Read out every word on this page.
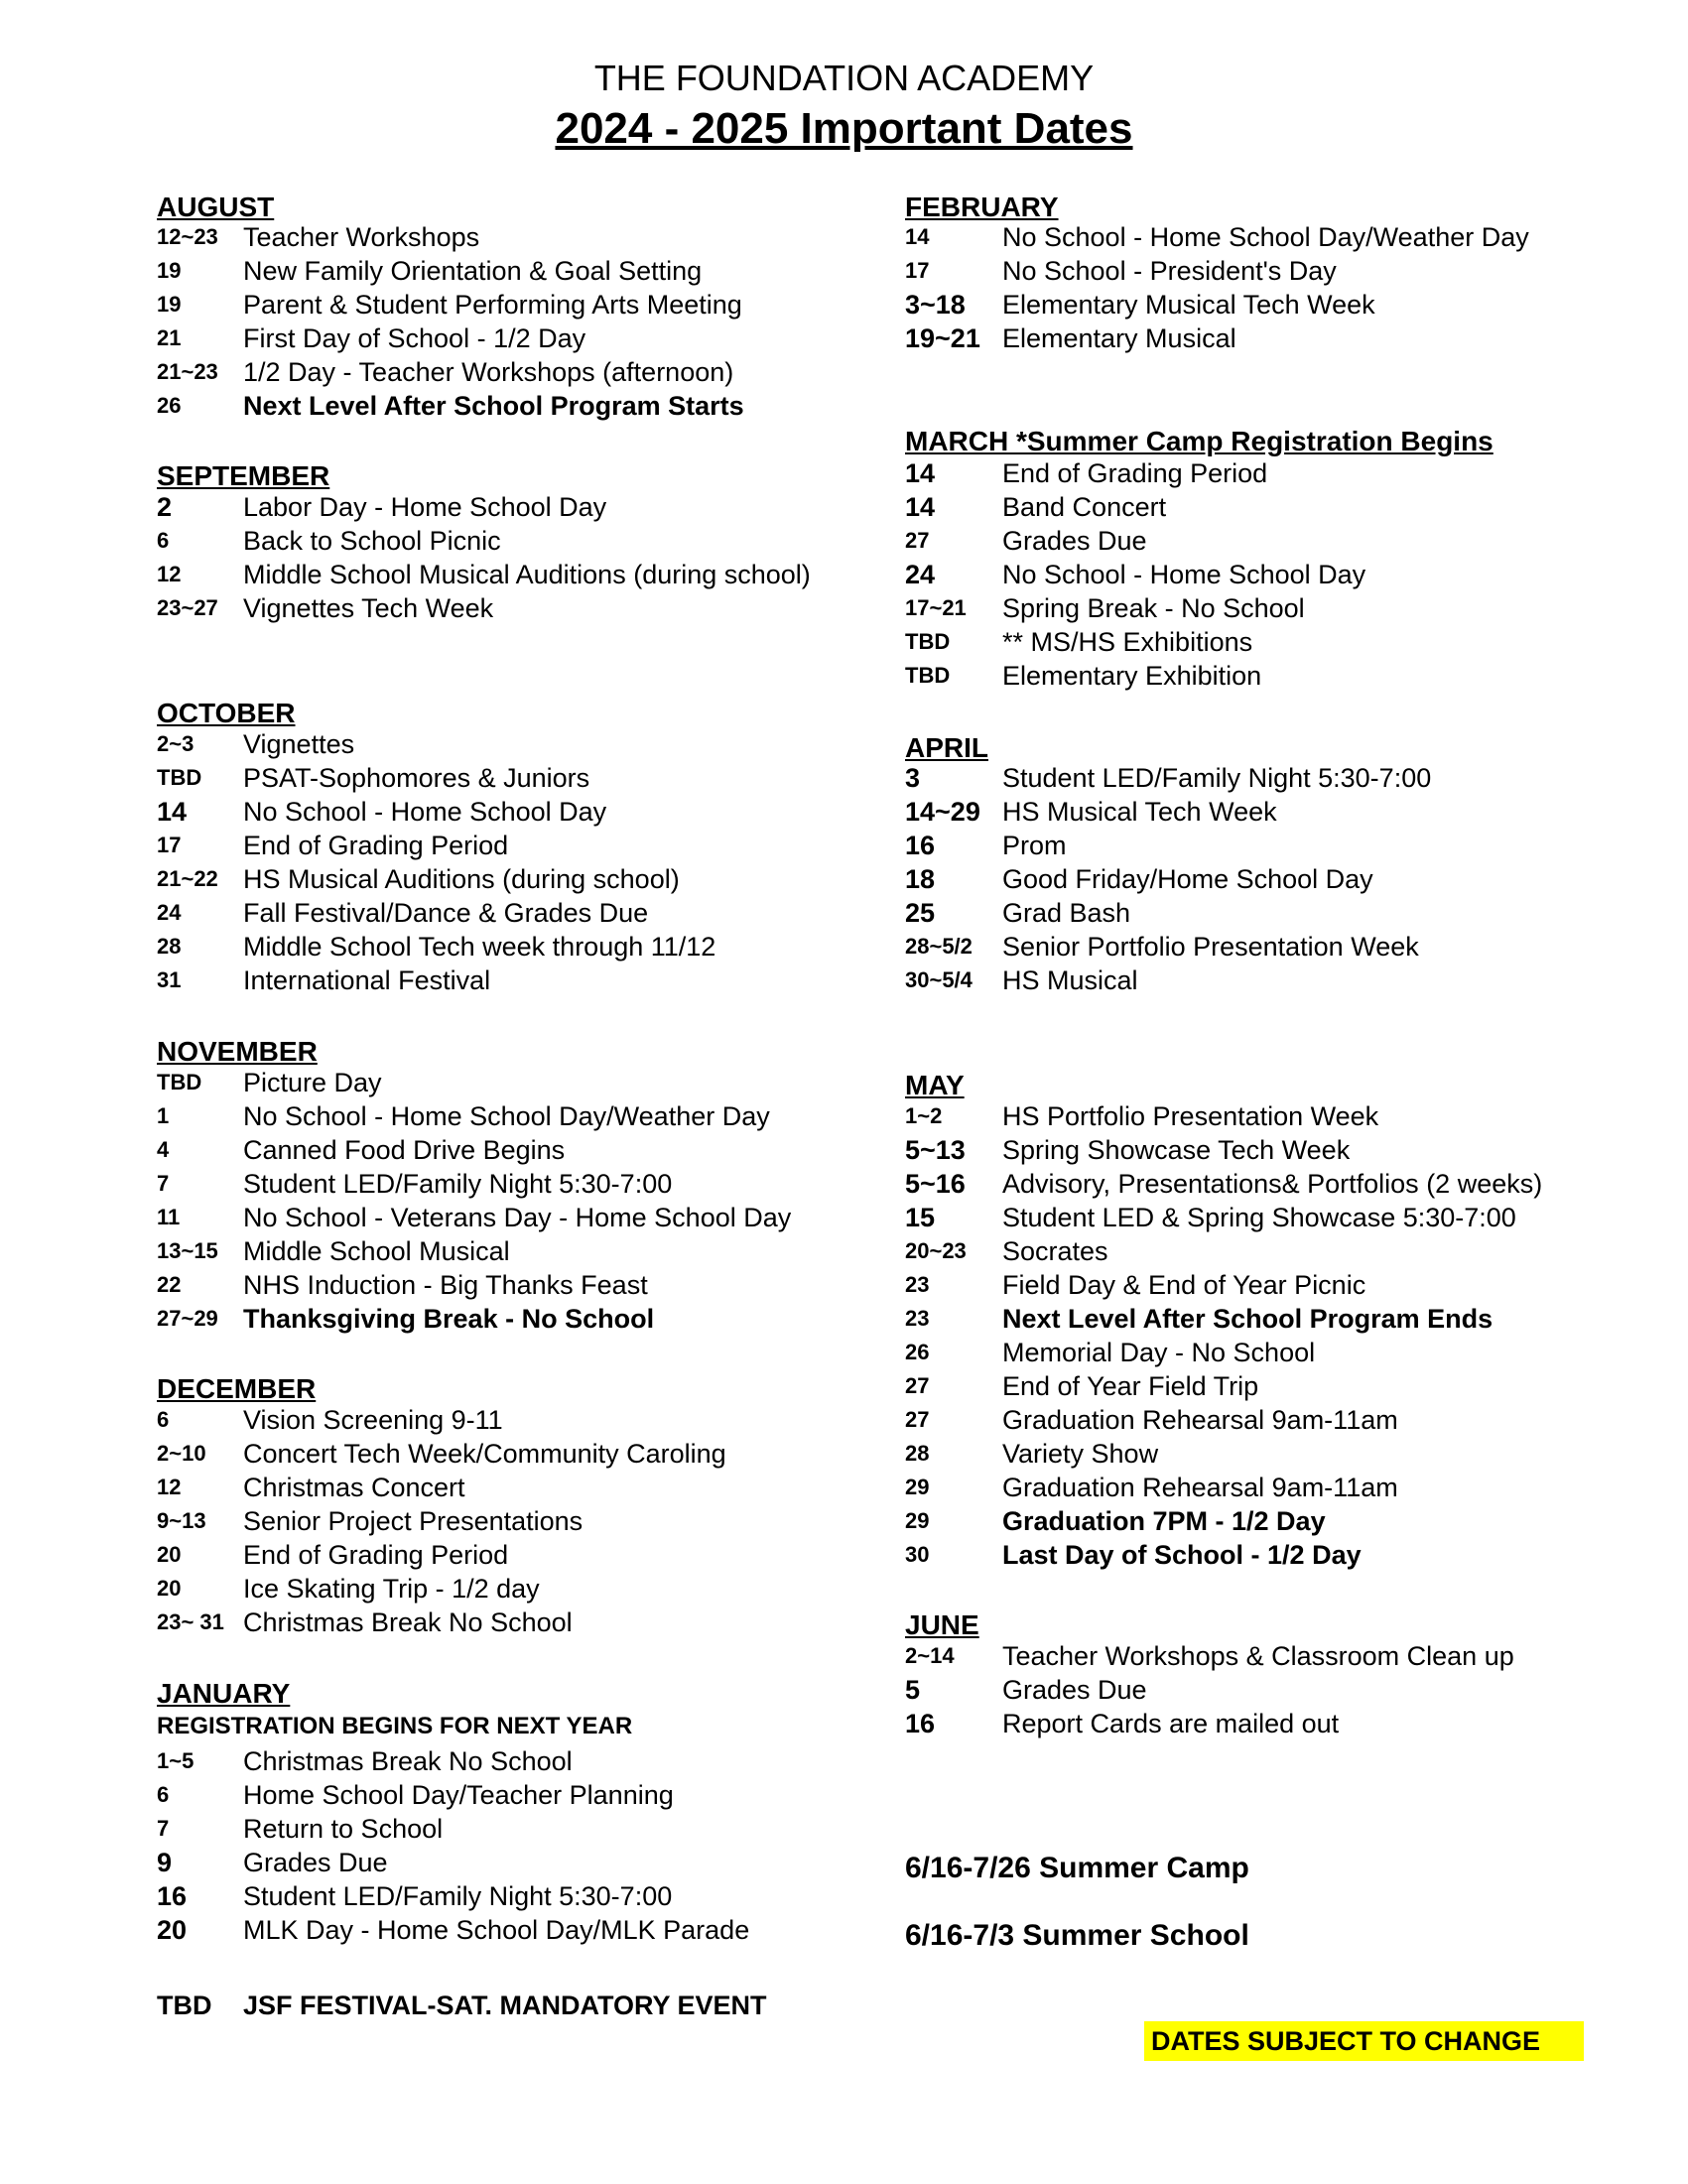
THE FOUNDATION ACADEMY
2024 - 2025 Important Dates
AUGUST
12~23 Teacher Workshops
19 New Family Orientation & Goal Setting
19 Parent & Student Performing Arts Meeting
21 First Day of School - 1/2 Day
21~23 1/2 Day - Teacher Workshops (afternoon)
26 Next Level After School Program Starts
SEPTEMBER
2	Labor Day - Home School Day
6	Back to School Picnic
12 Middle School Musical Auditions (during school)
23~27 Vignettes Tech Week
OCTOBER
2~3 Vignettes
TBD PSAT-Sophomores & Juniors
14 No School - Home School Day
17 End of Grading Period
21~22 HS Musical Auditions (during school)
24 Fall Festival/Dance & Grades Due
28 Middle School Tech week through 11/12
31 International Festival
NOVEMBER
TBD Picture Day
1	No School - Home School Day/Weather Day
4	Canned Food Drive Begins
7	Student LED/Family Night 5:30-7:00
11 No School - Veterans Day - Home School Day
13~15 Middle School Musical
22 NHS Induction - Big Thanks Feast
27~29 Thanksgiving Break - No School
DECEMBER
6	Vision Screening 9-11
2~10 Concert Tech Week/Community Caroling
12 Christmas Concert
9~13 Senior Project Presentations
20 End of Grading Period
20 Ice Skating Trip - 1/2 day
23~ 31 Christmas Break No School
JANUARY
REGISTRATION BEGINS FOR NEXT YEAR
1~5 Christmas Break No School
6	Home School Day/Teacher Planning
7	Return to School
9	Grades Due
16 Student LED/Family Night 5:30-7:00
20 MLK Day - Home School Day/MLK Parade
FEBRUARY
14	No School - Home School Day/Weather Day
17	No School - President's Day
3~18 Elementary Musical Tech Week
19~21 Elementary Musical
MARCH *Summer Camp Registration Begins
14	End of Grading Period
14	Band Concert
27	Grades Due
24	No School - Home School Day
17~21 Spring Break - No School
TBD ** MS/HS Exhibitions
TBD Elementary Exhibition
APRIL
3	Student LED/Family Night 5:30-7:00
14~29 HS Musical Tech Week
16	Prom
18	Good Friday/Home School Day
25	Grad Bash
28~5/2 Senior Portfolio Presentation Week
30~5/4 HS Musical
MAY
1~2 HS Portfolio Presentation Week
5~13 Spring Showcase Tech Week
5~16 Advisory, Presentations& Portfolios (2 weeks)
15	Student LED & Spring Showcase 5:30-7:00
20~23 Socrates
23	Field Day & End of Year Picnic
23	Next Level After School Program Ends
26	Memorial Day - No School
27	End of Year Field Trip
27	Graduation Rehearsal 9am-11am
28	Variety Show
29	Graduation Rehearsal 9am-11am
29	Graduation 7PM - 1/2 Day
30	Last Day of School - 1/2 Day
JUNE
2~14 Teacher Workshops & Classroom Clean up
5	Grades Due
16	Report Cards are mailed out
6/16-7/26 Summer Camp
6/16-7/3 Summer School
TBD JSF FESTIVAL-SAT. MANDATORY EVENT
DATES SUBJECT TO CHANGE
